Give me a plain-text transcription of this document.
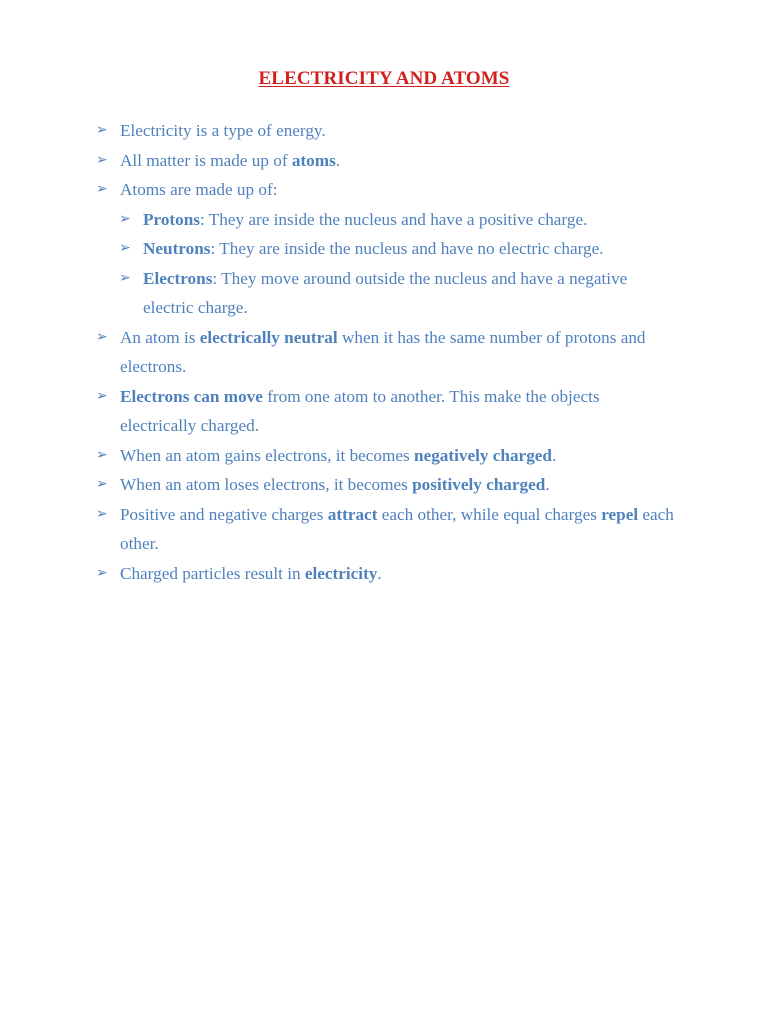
ELECTRICITY AND ATOMS
➢ Electricity is a type of energy.
➢ All matter is made up of atoms.
➢ Atoms are made up of:
➢ Protons: They are inside the nucleus and have a positive charge.
➢ Neutrons: They are inside the nucleus and have no electric charge.
➢ Electrons: They move around outside the nucleus and have a negative electric charge.
➢ An atom is electrically neutral when it has the same number of protons and electrons.
➢ Electrons can move from one atom to another. This make the objects electrically charged.
➢ When an atom gains electrons, it becomes negatively charged.
➢ When an atom loses electrons, it becomes positively charged.
➢ Positive and negative charges attract each other, while equal charges repel each other.
➢ Charged particles result in electricity.
